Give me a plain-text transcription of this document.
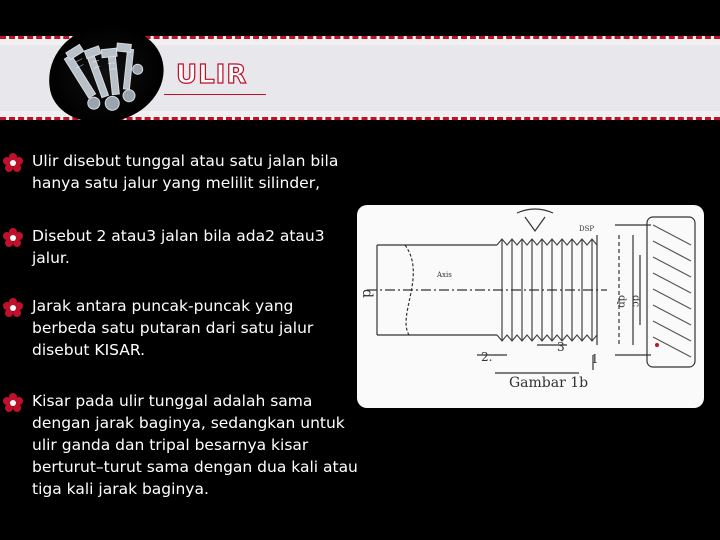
ULIR
Ulir disebut tunggal atau satu jalan bila hanya satu jalur yang melilit silinder,
Disebut 2 atau3 jalan bila ada2 atau3 jalur.
Jarak antara puncak-puncak yang berbeda satu putaran dari satu jalur disebut KISAR.
Kisar pada ulir tunggal adalah sama dengan jarak baginya, sedangkan untuk ulir ganda dan tripal besarnya kisar berturut–turut sama dengan dua kali atau tiga kali jarak baginya.
d
Axis
DSP
dp dc
2.
3
1
Gambar 1b
